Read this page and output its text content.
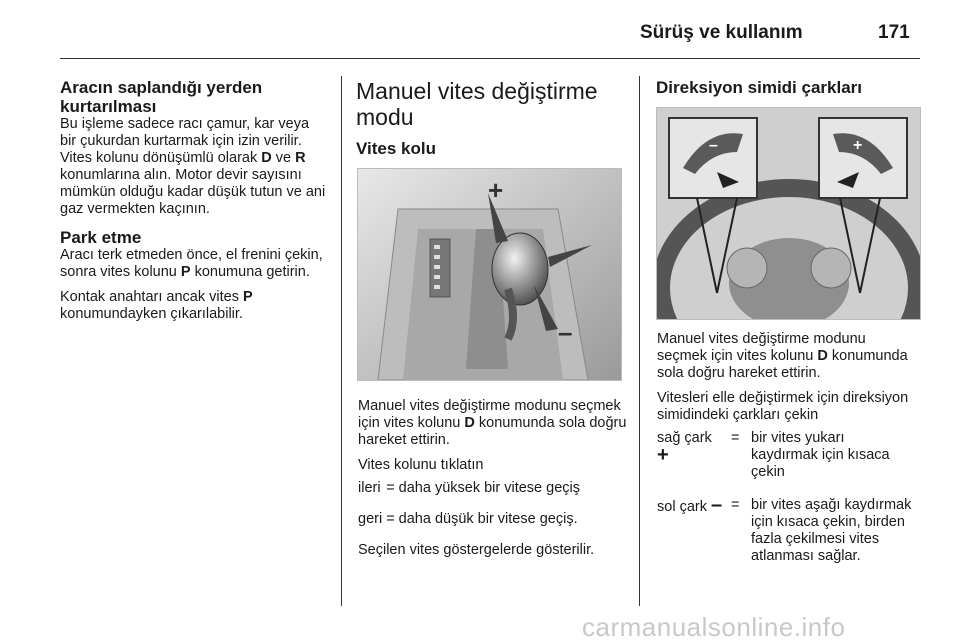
Sürüş ve kullanım	171
Aracın saplandığı yerden kurtarılması

Bu işleme sadece racı çamur, kar veya bir çukurdan kurtarmak için izin verilir. Vites kolunu dönüşümlü olarak D ve R konumlarına alın. Motor devir sayısını mümkün olduğu kadar düşük tutun ve ani gaz vermekten kaçının.

Park etme

Aracı terk etmeden önce, el frenini çekin, sonra vites kolunu P konumuna getirin.

Kontak anahtarı ancak vites P konumundayken çıkarılabilir.

Manuel vites değiştirme modu
Vites kolu
+
–

Manuel vites değiştirme modunu seçmek için vites kolunu D konumunda sola doğru hareket ettirin.

Vites kolunu tıklatın

ileri	=	daha yüksek bir vitese geçiş

geri	=	daha düşük bir vitese geçiş.

Seçilen vites göstergelerde gösterilir.

Direksiyon simidi çarkları
–	+

Manuel vites değiştirme modunu seçmek için vites kolunu D konumunda sola doğru hareket ettirin.

Vitesleri elle değiştirmek için direksiyon simidindeki çarkları çekin

sağ çark +	=	bir vites yukarı kaydırmak için kısaca çekin

sol çark –	=	bir vites aşağı kaydırmak için kısaca çekin, birden fazla çekilmesi vites atlanması sağlar.
carmanualsonline.info
